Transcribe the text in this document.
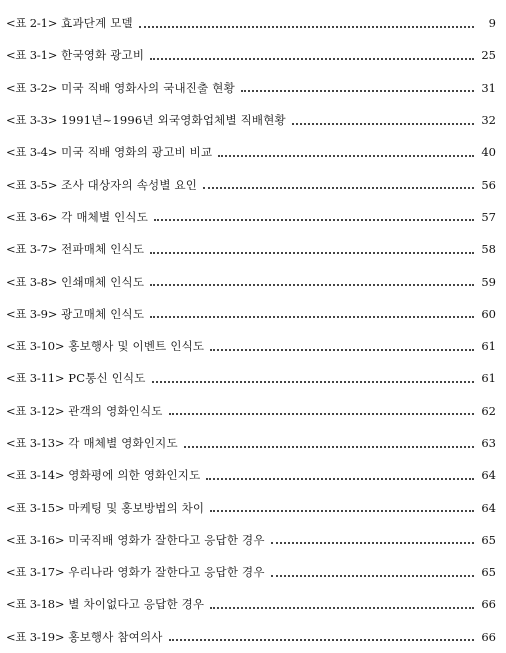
<표 2-1> 효과단계 모델	9
<표 3-1> 한국영화 광고비	25
<표 3-2> 미국 직배 영화사의 국내진출 현황	31
<표 3-3> 1991년~1996년 외국영화업체별 직배현황	32
<표 3-4> 미국 직배 영화의 광고비 비교	40
<표 3-5> 조사 대상자의 속성별 요인	56
<표 3-6> 각 매체별 인식도	57
<표 3-7> 전파매체 인식도	58
<표 3-8> 인쇄매체 인식도	59
<표 3-9> 광고매체 인식도	60
<표 3-10> 홍보행사 및 이벤트 인식도	61
<표 3-11> PC통신 인식도	61
<표 3-12> 관객의 영화인식도	62
<표 3-13> 각 매체별 영화인지도	63
<표 3-14> 영화평에 의한 영화인지도	64
<표 3-15> 마케팅 및 홍보방법의 차이	64
<표 3-16> 미국직배 영화가 잘한다고 응답한 경우	65
<표 3-17> 우리나라 영화가 잘한다고 응답한 경우	65
<표 3-18> 별 차이없다고 응답한 경우	66
<표 3-19> 홍보행사 참여의사	66
